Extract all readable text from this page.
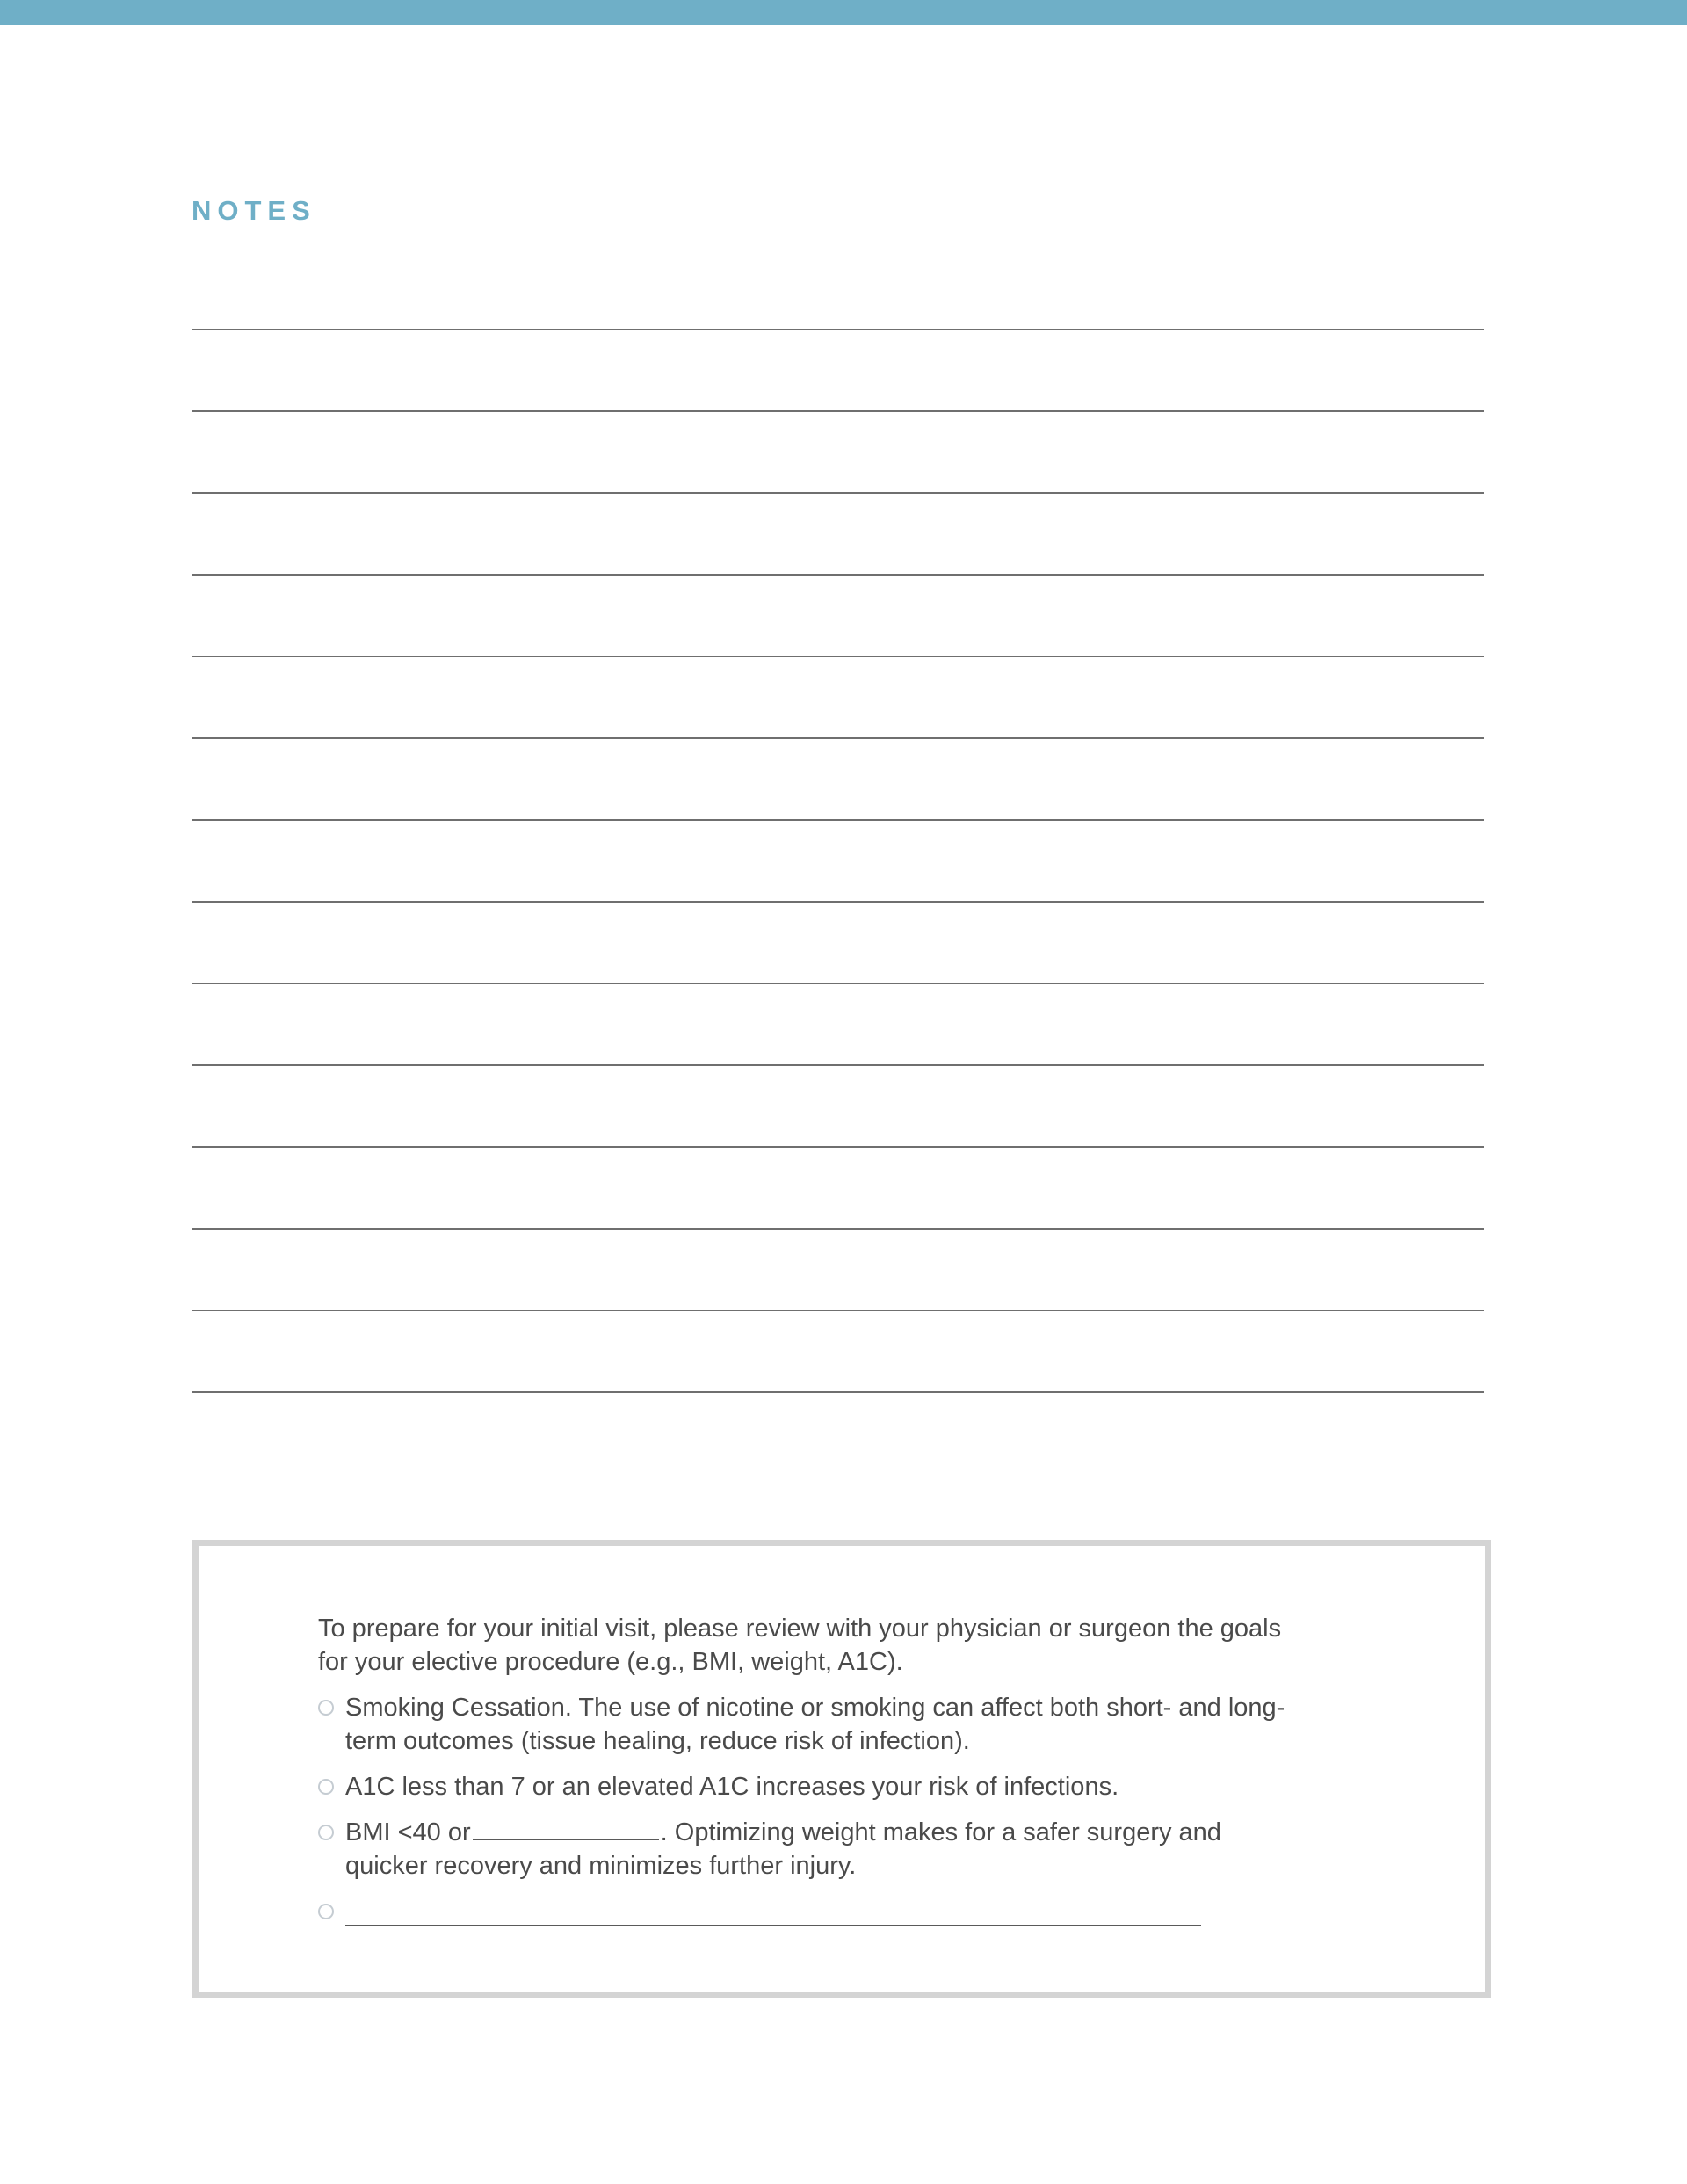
NOTES

To prepare for your initial visit, please review with your physician or surgeon the goals for your elective procedure (e.g., BMI, weight, A1C).

Smoking Cessation. The use of nicotine or smoking can affect both short- and long-term outcomes (tissue healing, reduce risk of infection).
A1C less than 7 or an elevated A1C increases your risk of infections.
BMI <40 or	. Optimizing weight makes for a safer surgery and quicker recovery and minimizes further injury.
